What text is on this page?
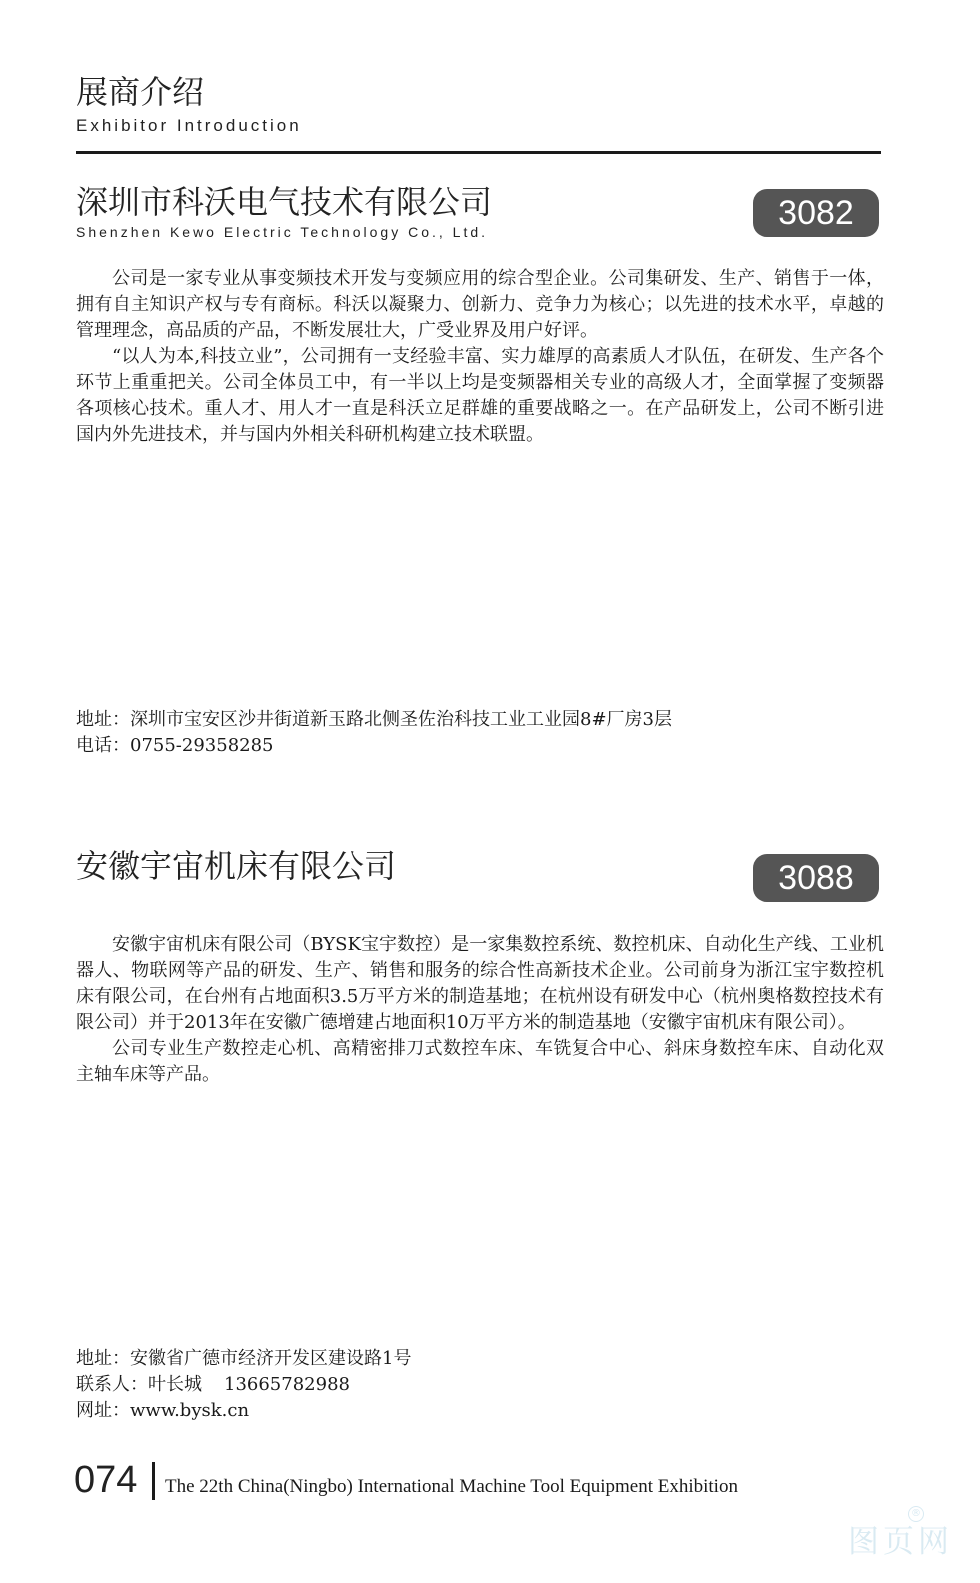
展商介绍
Exhibitor Introduction
深圳市科沃电气技术有限公司
Shenzhen Kewo Electric Technology Co., Ltd.	3082

公司是一家专业从事变频技术开发与变频应用的综合型企业。公司集研发、生产、销售于一体，拥有自主知识产权与专有商标。科沃以凝聚力、创新力、竞争力为核心；以先进的技术水平，卓越的管理理念，高品质的产品，不断发展壮大，广受业界及用户好评。

“以人为本,科技立业”，公司拥有一支经验丰富、实力雄厚的高素质人才队伍，在研发、生产各个环节上重重把关。公司全体员工中，有一半以上均是变频器相关专业的高级人才，全面掌握了变频器各项核心技术。重人才、用人才一直是科沃立足群雄的重要战略之一。在产品研发上，公司不断引进国内外先进技术，并与国内外相关科研机构建立技术联盟。

地址：深圳市宝安区沙井街道新玉路北侧圣佐治科技工业工业园8#厂房3层
电话：0755-29358285
安徽宇宙机床有限公司	3088

安徽宇宙机床有限公司（BYSK宝宇数控）是一家集数控系统、数控机床、自动化生产线、工业机器人、物联网等产品的研发、生产、销售和服务的综合性高新技术企业。公司前身为浙江宝宇数控机床有限公司，在台州有占地面积3.5万平方米的制造基地；在杭州设有研发中心（杭州奥格数控技术有限公司）并于2013年在安徽广德增建占地面积10万平方米的制造基地（安徽宇宙机床有限公司）。

公司专业生产数控走心机、高精密排刀式数控车床、车铣复合中心、斜床身数控车床、自动化双主轴车床等产品。

地址：安徽省广德市经济开发区建设路1号
联系人：叶长城 13665782988
网址：www.bysk.cn
074 The 22th China(Ningbo) International Machine Tool Equipment Exhibition
图页网
®
